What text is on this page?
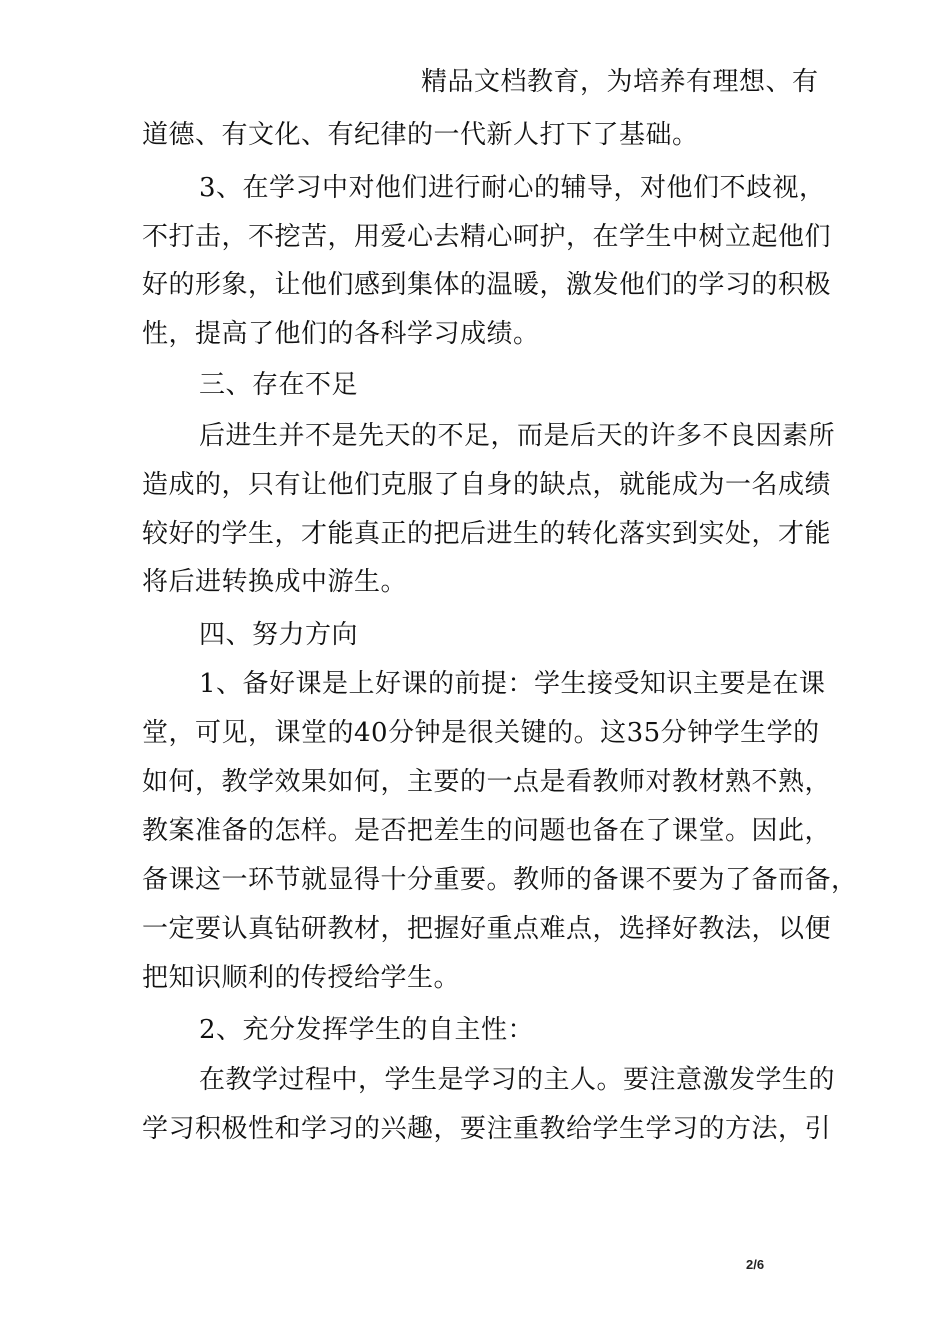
精品文档教育，为培养有理想、有
道德、有文化、有纪律的一代新人打下了基础。
3、在学习中对他们进行耐心的辅导，对他们不歧视，
不打击，不挖苦，用爱心去精心呵护，在学生中树立起他们
好的形象，让他们感到集体的温暖，激发他们的学习的积极
性，提高了他们的各科学习成绩。
三、存在不足
后进生并不是先天的不足，而是后天的许多不良因素所
造成的，只有让他们克服了自身的缺点，就能成为一名成绩
较好的学生，才能真正的把后进生的转化落实到实处，才能
将后进转换成中游生。
四、努力方向
1、备好课是上好课的前提：学生接受知识主要是在课
堂，可见，课堂的40分钟是很关键的。这35分钟学生学的
如何，教学效果如何，主要的一点是看教师对教材熟不熟，
教案准备的怎样。是否把差生的问题也备在了课堂。因此，
备课这一环节就显得十分重要。教师的备课不要为了备而备，
一定要认真钻研教材，把握好重点难点，选择好教法，以便
把知识顺利的传授给学生。
2、充分发挥学生的自主性：
在教学过程中，学生是学习的主人。要注意激发学生的
学习积极性和学习的兴趣，要注重教给学生学习的方法，引
2/6
